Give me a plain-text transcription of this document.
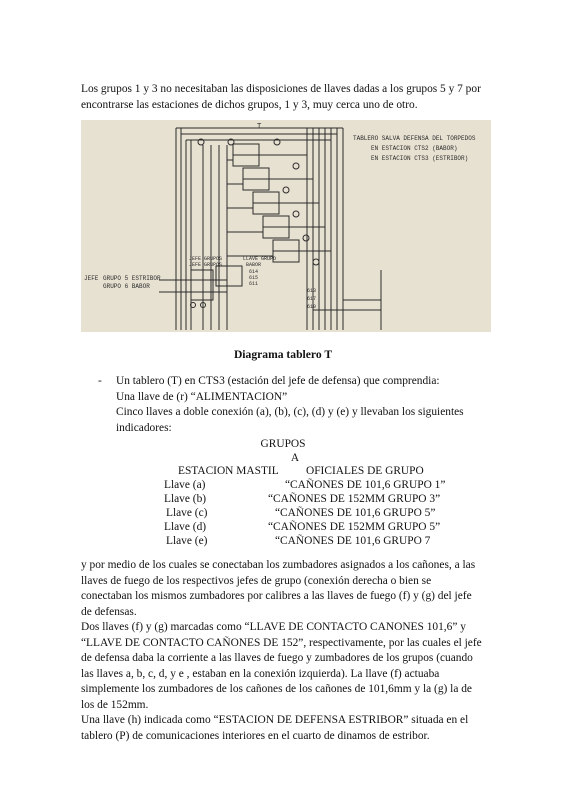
Los grupos 1 y 3 no necesitaban las disposiciones de llaves dadas a los grupos 5 y 7 por encontrarse las estaciones de dichos grupos, 1 y 3, muy cerca uno de otro.

T
TABLERO SALVA DEFENSA DEL TORPEDOS
EN ESTACION CTS2 (BABOR)
EN ESTACION CTS3 (ESTRIBOR)
JEFE GRUPO 5 ESTRIBOR
GRUPO 6 BABOR
JEFE GRUPOS
JEFE GRUPOS
LLAVE GRUPO
BABOR
614
615
611
613
617
610
Diagrama tablero T
- Un tablero (T) en CTS3 (estación del jefe de defensa) que comprendia:
Una llave de (r) “ALIMENTACION”
Cinco llaves a doble conexión (a), (b), (c), (d) y (e) y llevaban los siguientes
indicadores:
GRUPOS
A
ESTACION MASTIL OFICIALES DE GRUPO
Llave (a)	“CAÑONES DE 101,6 GRUPO 1”
Llave (b)	“CAÑONES DE 152MM GRUPO 3”
Llave (c)	“CAÑONES DE 101,6 GRUPO 5”
Llave (d)	“CAÑONES DE 152MM GRUPO 5”
Llave (e)	“CAÑONES DE 101,6 GRUPO 7
y por medio de los cuales se conectaban los zumbadores asignados a los cañones, a las
llaves de fuego de los respectivos jefes de grupo (conexión derecha o bien se
conectaban los mismos zumbadores por calibres a las llaves de fuego (f) y (g) del jefe
de defensas.
Dos llaves (f) y (g) marcadas como “LLAVE DE CONTACTO CANONES 101,6” y
“LLAVE DE CONTACTO CAÑONES DE 152”, respectivamente, por las cuales el jefe
de defensa daba la corriente a las llaves de fuego y zumbadores de los grupos (cuando
las llaves a, b, c, d, y e , estaban en la conexión izquierda). La llave (f) actuaba
simplemente los zumbadores de los cañones de los cañones de 101,6mm y la (g) la de
los de 152mm.
Una llave (h) indicada como “ESTACION DE DEFENSA ESTRIBOR” situada en el
tablero (P) de comunicaciones interiores en el cuarto de dinamos de estribor.
